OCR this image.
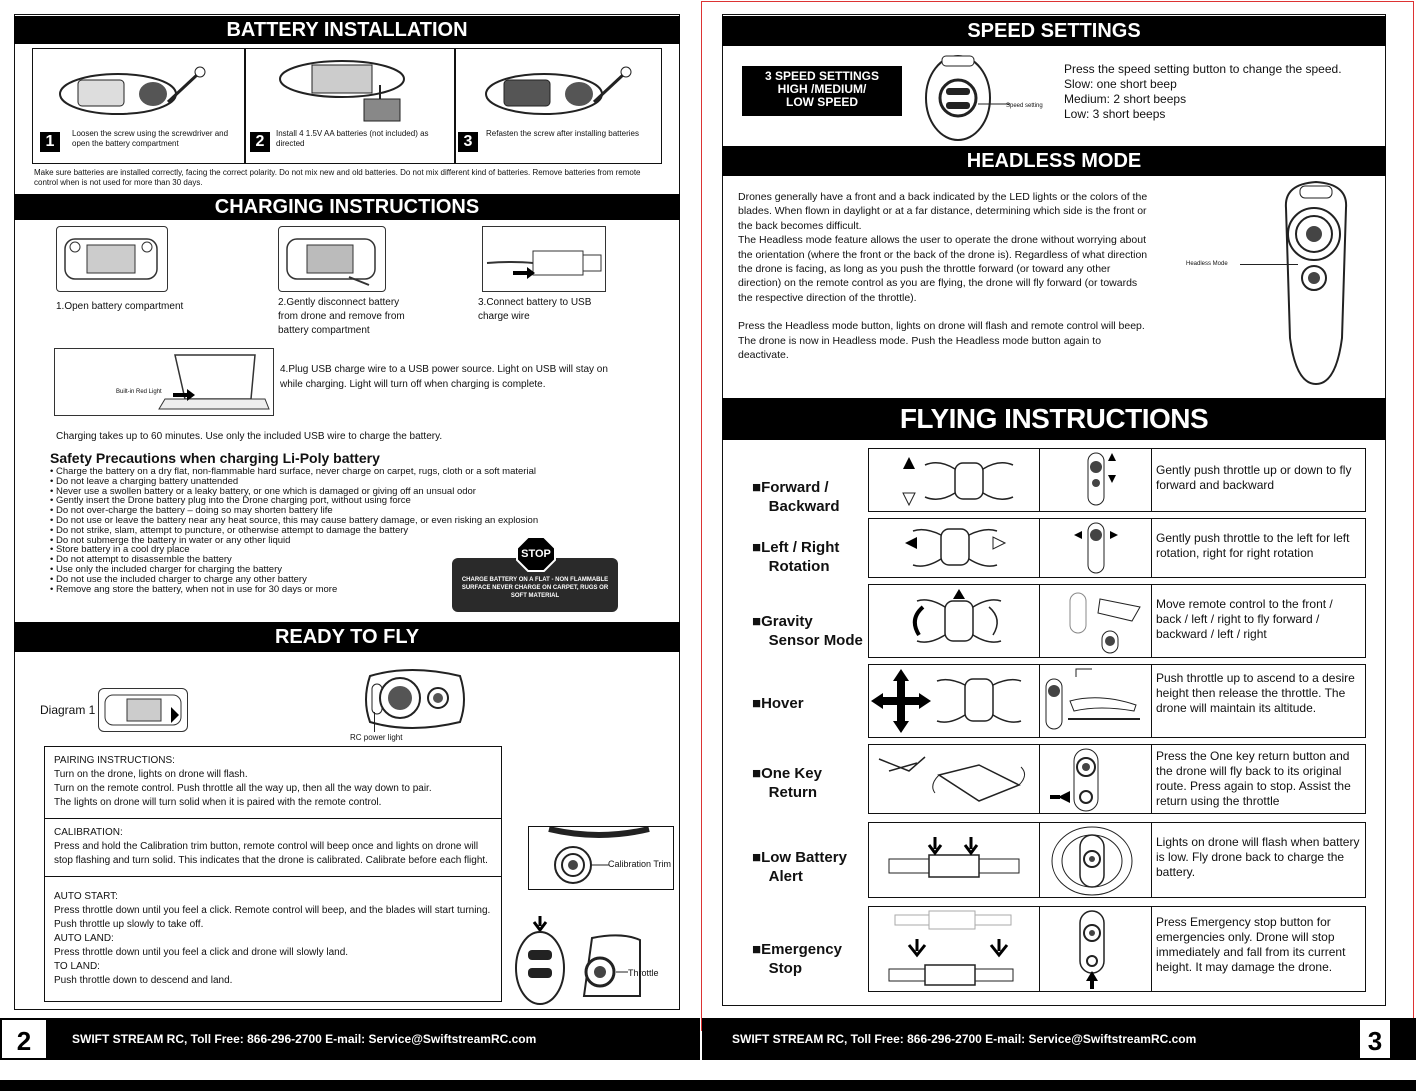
BATTERY INSTALLATION
1	Loosen the screw using the screwdriver and open the battery compartment	2	Install 4 1.5V AA batteries (not included) as directed	3	Refasten the screw after installing batteries
Make sure batteries are installed correctly, facing the correct polarity. Do not mix new and old batteries. Do not mix different kind of batteries. Remove batteries from remote control when is not used for more than 30 days.
CHARGING INSTRUCTIONS
1.Open battery compartment	2.Gently disconnect battery from drone and remove from battery compartment
3.Connect battery to USB charge wire
Built-in Red Light
4.Plug USB charge wire to a USB power source. Light on USB will stay on while charging. Light will turn off when charging is complete.
Charging takes up to 60 minutes. Use only the included USB wire to charge the battery.
Safety Precautions when charging Li-Poly battery
• Charge the battery on a dry flat, non-flammable hard surface, never charge on carpet, rugs, cloth or a soft material
• Do not leave a charging battery unattended
• Never use a swollen battery or a leaky battery, or one which is damaged or giving off an unsual odor
• Gently insert the Drone battery plug into the Drone charging port, without using force
• Do not over-charge the battery – doing so may shorten battery life
• Do not use or leave the battery near any heat source, this may cause battery damage, or even risking an explosion
• Do not strike, slam, attempt to puncture, or otherwise attempt to damage the battery
• Do not submerge the battery in water or any other liquid
• Store battery in a cool dry place
• Do not attempt to disassemble the battery
• Use only the included charger for charging the battery
• Do not use the included charger to charge any other battery
• Remove ang store the battery, when not in use for 30 days or more
STOP
CHARGE BATTERY ON A FLAT - NON FLAMMABLE SURFACE NEVER CHARGE ON CARPET, RUGS OR SOFT MATERIAL
READY TO FLY
Diagram 1
RC power light
PAIRING INSTRUCTIONS:
Turn on the drone, lights on drone will flash.
Turn on the remote control. Push throttle all the way up, then all the way down to pair.
The lights on drone will turn solid when it is paired with the remote control.
CALIBRATION:
Press and hold the Calibration trim button, remote control will beep once and lights on drone will
stop flashing and turn solid. This indicates that the drone is calibrated. Calibrate before each flight.
AUTO START:
Press throttle down until you feel a click. Remote control will beep, and the blades will start turning.
Push throttle up slowly to take off.
AUTO LAND:
Press throttle down until you feel a click and drone will slowly land.
TO LAND:
Push throttle down to descend and land.
Calibration Trim
Throttle
2	SWIFT STREAM RC, Toll Free: 866-296-2700 E-mail: Service@SwiftstreamRC.com
SPEED SETTINGS
3 SPEED SETTINGS
HIGH /MEDIUM/
LOW SPEED	Speed setting
Press the speed setting button to change the speed.
Slow: one short beep
Medium: 2 short beeps
Low: 3 short beeps
HEADLESS MODE
Drones generally have a front and a back indicated by the LED lights or the colors of the blades. When flown in daylight or at a far distance, determining which side is the front or the back becomes difficult.
The Headless mode feature allows the user to operate the drone without worrying about the orientation (where the front or the back of the drone is). Regardless of what direction the drone is facing, as long as you push the throttle forward (or toward any other direction) on the remote control as you are flying, the drone will fly forward (or towards the respective direction of the throttle).
Press the Headless mode button, lights on drone will flash and remote control will beep. The drone is now in Headless mode. Push the Headless mode button again to deactivate.
Headless Mode
FLYING INSTRUCTIONS
■Forward /
Backward
Gently push throttle up or down to fly forward and backward
■Left / Right
Rotation
Gently push throttle to the left for left rotation, right for right rotation
■Gravity
Sensor Mode
Move remote control to the front / back / left / right to fly forward / backward / left / right
■Hover
Push throttle up to ascend to a desire height then release the throttle. The drone will maintain its altitude.
■One Key
Return
Press the One key return button and the drone will fly back to its original route. Press again to stop. Assist the return using the throttle
■Low Battery
Alert
Lights on drone will flash when battery is low. Fly drone back to charge the battery.
■Emergency
Stop
Press Emergency stop button for emergencies only. Drone will stop immediately and fall from its current height. It may damage the drone.
SWIFT STREAM RC, Toll Free: 866-296-2700 E-mail: Service@SwiftstreamRC.com	3
